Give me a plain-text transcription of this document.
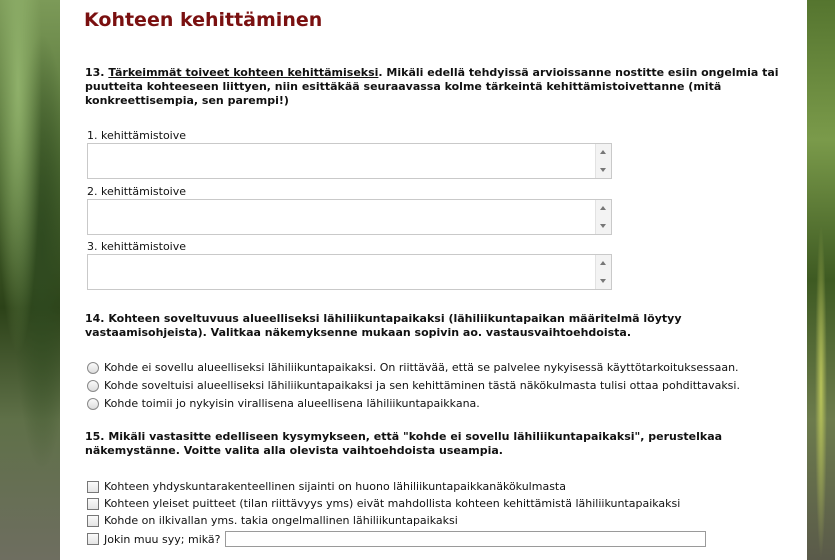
Kohteen kehittäminen
13. Tärkeimmät toiveet kohteen kehittämiseksi. Mikäli edellä tehdyissä arvioissanne nostitte esiin ongelmia tai puutteita kohteeseen liittyen, niin esittäkää seuraavassa kolme tärkeintä kehittämistoivettanne (mitä konkreettisempia, sen parempi!)
1. kehittämistoive
2. kehittämistoive
3. kehittämistoive
14. Kohteen soveltuvuus alueelliseksi lähiliikuntapaikaksi (lähiliikuntapaikan määritelmä löytyy vastaamisohjeista). Valitkaa näkemyksenne mukaan sopivin ao. vastausvaihtoehdoista.
Kohde ei sovellu alueelliseksi lähiliikuntapaikaksi. On riittävää, että se palvelee nykyisessä käyttötarkoituksessaan.
Kohde soveltuisi alueelliseksi lähiliikuntapaikaksi ja sen kehittäminen tästä näkökulmasta tulisi ottaa pohdittavaksi.
Kohde toimii jo nykyisin virallisena alueellisena lähiliikuntapaikkana.
15. Mikäli vastasitte edelliseen kysymykseen, että "kohde ei sovellu lähiliikuntapaikaksi", perustelkaa näkemystänne. Voitte valita alla olevista vaihtoehdoista useampia.
Kohteen yhdyskuntarakenteellinen sijainti on huono lähiliikuntapaikkanäkökulmasta
Kohteen yleiset puitteet (tilan riittävyys yms) eivät mahdollista kohteen kehittämistä lähiliikuntapaikaksi
Kohde on ilkivallan yms. takia ongelmallinen lähiliikuntapaikaksi
Jokin muu syy; mikä?
